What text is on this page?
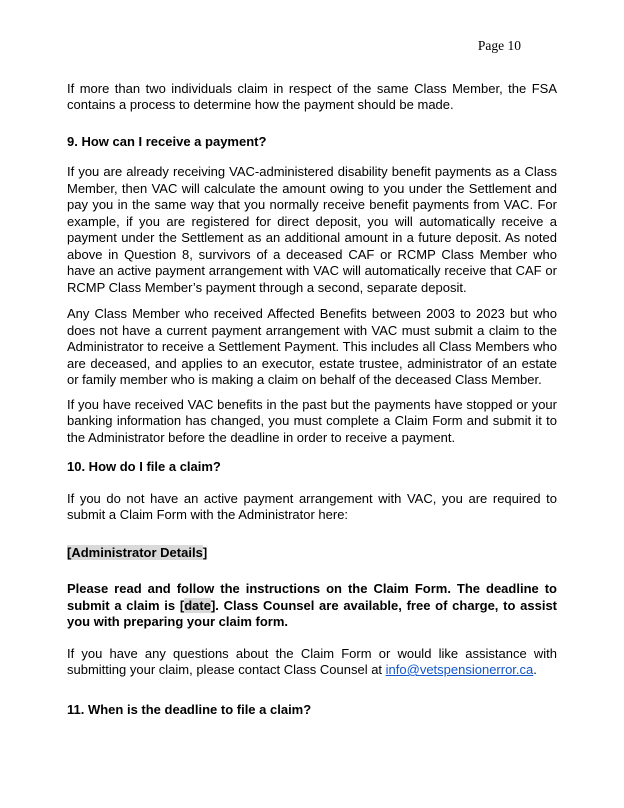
Page 10

If more than two individuals claim in respect of the same Class Member, the FSA contains a process to determine how the payment should be made.

9. How can I receive a payment?

If you are already receiving VAC-administered disability benefit payments as a Class Member, then VAC will calculate the amount owing to you under the Settlement and pay you in the same way that you normally receive benefit payments from VAC. For example, if you are registered for direct deposit, you will automatically receive a payment under the Settlement as an additional amount in a future deposit. As noted above in Question 8, survivors of a deceased CAF or RCMP Class Member who have an active payment arrangement with VAC will automatically receive that CAF or RCMP Class Member’s payment through a second, separate deposit.

Any Class Member who received Affected Benefits between 2003 to 2023 but who does not have a current payment arrangement with VAC must submit a claim to the Administrator to receive a Settlement Payment. This includes all Class Members who are deceased, and applies to an executor, estate trustee, administrator of an estate or family member who is making a claim on behalf of the deceased Class Member.

If you have received VAC benefits in the past but the payments have stopped or your banking information has changed, you must complete a Claim Form and submit it to the Administrator before the deadline in order to receive a payment.

10. How do I file a claim?

If you do not have an active payment arrangement with VAC, you are required to submit a Claim Form with the Administrator here:

[Administrator Details]

Please read and follow the instructions on the Claim Form. The deadline to submit a claim is [date]. Class Counsel are available, free of charge, to assist you with preparing your claim form.

If you have any questions about the Claim Form or would like assistance with submitting your claim, please contact Class Counsel at info@vetspensionerror.ca.

11. When is the deadline to file a claim?
